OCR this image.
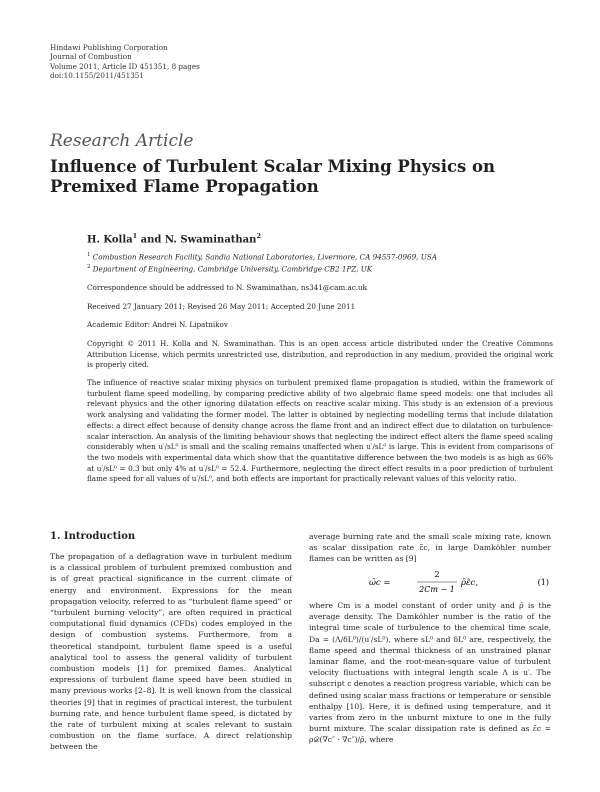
Hindawi Publishing Corporation
Journal of Combustion
Volume 2011, Article ID 451351, 8 pages
doi:10.1155/2011/451351
Research Article
Influence of Turbulent Scalar Mixing Physics on
Premixed Flame Propagation
H. Kolla$^1$ and N. Swaminathan$^2$
$^1$ Combustion Research Facility, Sandia National Laboratories, Livermore, CA 94557-0969, USA
$^2$ Department of Engineering, Cambridge University, Cambridge CB2 1PZ, UK
Correspondence should be addressed to N. Swaminathan, ns341@cam.ac.uk
Received 27 January 2011; Revised 26 May 2011; Accepted 20 June 2011
Academic Editor: Andrei N. Lipatnikov
Copyright © 2011 H. Kolla and N. Swaminathan. This is an open access article distributed under the Creative Commons Attribution License, which permits unrestricted use, distribution, and reproduction in any medium, provided the original work is properly cited.
The influence of reactive scalar mixing physics on turbulent premixed flame propagation is studied, within the framework of turbulent flame speed modelling, by comparing predictive ability of two algebraic flame speed models: one that includes all relevant physics and the other ignoring dilatation effects on reactive scalar mixing. This study is an extension of a previous work analysing and validating the former model. The latter is obtained by neglecting modelling terms that include dilatation effects: a direct effect because of density change across the flame front and an indirect effect due to dilatation on turbulence-scalar interaction. An analysis of the limiting behaviour shows that neglecting the indirect effect alters the flame speed scaling considerably when u′/sL⁰ is small and the scaling remains unaffected when u′/sL⁰ is large. This is evident from comparisons of the two models with experimental data which show that the quantitative difference between the two models is as high as 66% at u′/sL⁰ = 0.3 but only 4% at u′/sL⁰ = 52.4. Furthermore, neglecting the direct effect results in a poor prediction of turbulent flame speed for all values of u′/sL⁰, and both effects are important for practically relevant values of this velocity ratio.
1. Introduction
The propagation of a deflagration wave in turbulent medium is a classical problem of turbulent premixed combustion and is of great practical significance in the current climate of energy and environment. Expressions for the mean propagation velocity, referred to as “turbulent flame speed” or “turbulent burning velocity”, are often required in practical computational fluid dynamics (CFDs) codes employed in the design of combustion systems. Furthermore, from a theoretical standpoint, turbulent flame speed is a useful analytical tool to assess the general validity of turbulent combustion models [1] for premixed flames. Analytical expressions of turbulent flame speed have been studied in many previous works [2–8]. It is well known from the classical theories [9] that in regimes of practical interest, the turbulent burning rate, and hence turbulent flame speed, is dictated by the rate of turbulent mixing at scales relevant to sustain combustion on the flame surface. A direct relationship between the
average burning rate and the small scale mixing rate, known as scalar dissipation rate ε̃c, in large Damköhler number flames can be written as [9]
ω̄c =
2
2Cm − 1
ρ̄ε̃c,	(1)
where Cm is a model constant of order unity and ρ̄ is the average density. The Damköhler number is the ratio of the integral time scale of turbulence to the chemical time scale, Da = (Λ/δL⁰)/(u′/sL⁰), where sL⁰ and δL⁰ are, respectively, the flame speed and thermal thickness of an unstrained planar laminar flame, and the root-mean-square value of turbulent velocity fluctuations with integral length scale Λ is u′. The subscript c denotes a reaction progress variable, which can be defined using scalar mass fractions or temperature or sensible enthalpy [10]. Here, it is defined using temperature, and it varies from zero in the unburnt mixture to one in the fully burnt mixture. The scalar dissipation rate is defined as ε̃c = ρ𝒟(∇c″ · ∇c″)/ρ̄, where
